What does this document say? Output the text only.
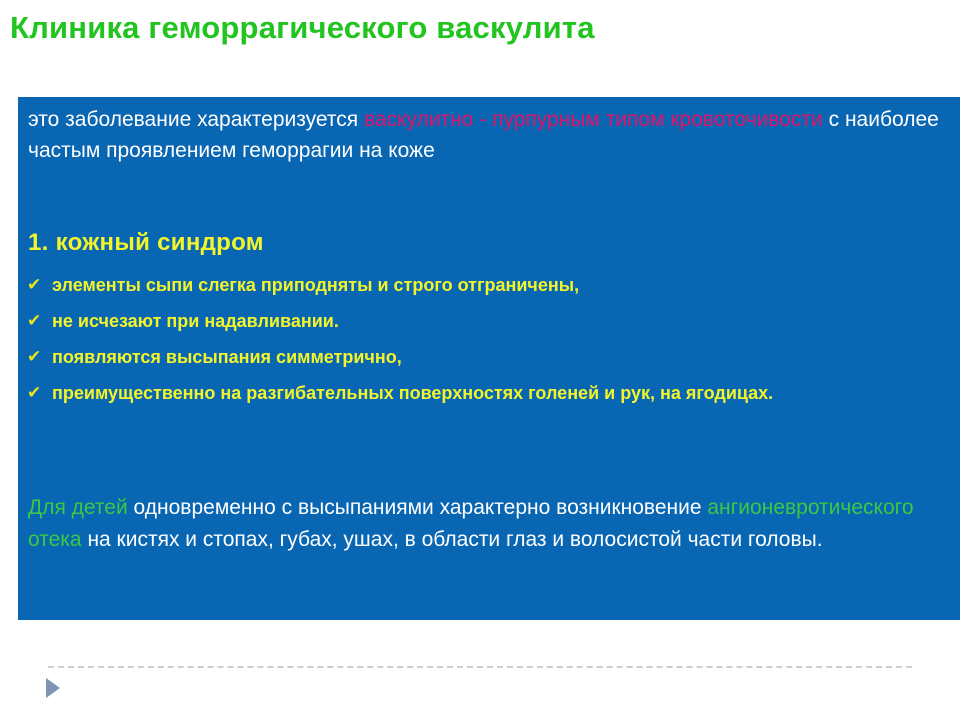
Клиника геморрагического васкулита
это заболевание характеризуется васкулитно - пурпурным типом кровоточивости с наиболее частым проявлением геморрагии на коже
1. кожный синдром
✔ элементы сыпи слегка приподняты и строго отграничены,
✔ не исчезают при надавливании.
✔ появляются высыпания симметрично,
✔ преимущественно на разгибательных поверхностях голеней и рук, на ягодицах.
Для детей одновременно с высыпаниями характерно возникновение ангионевротического отека на кистях и стопах, губах, ушах, в области глаз и волосистой части головы.
